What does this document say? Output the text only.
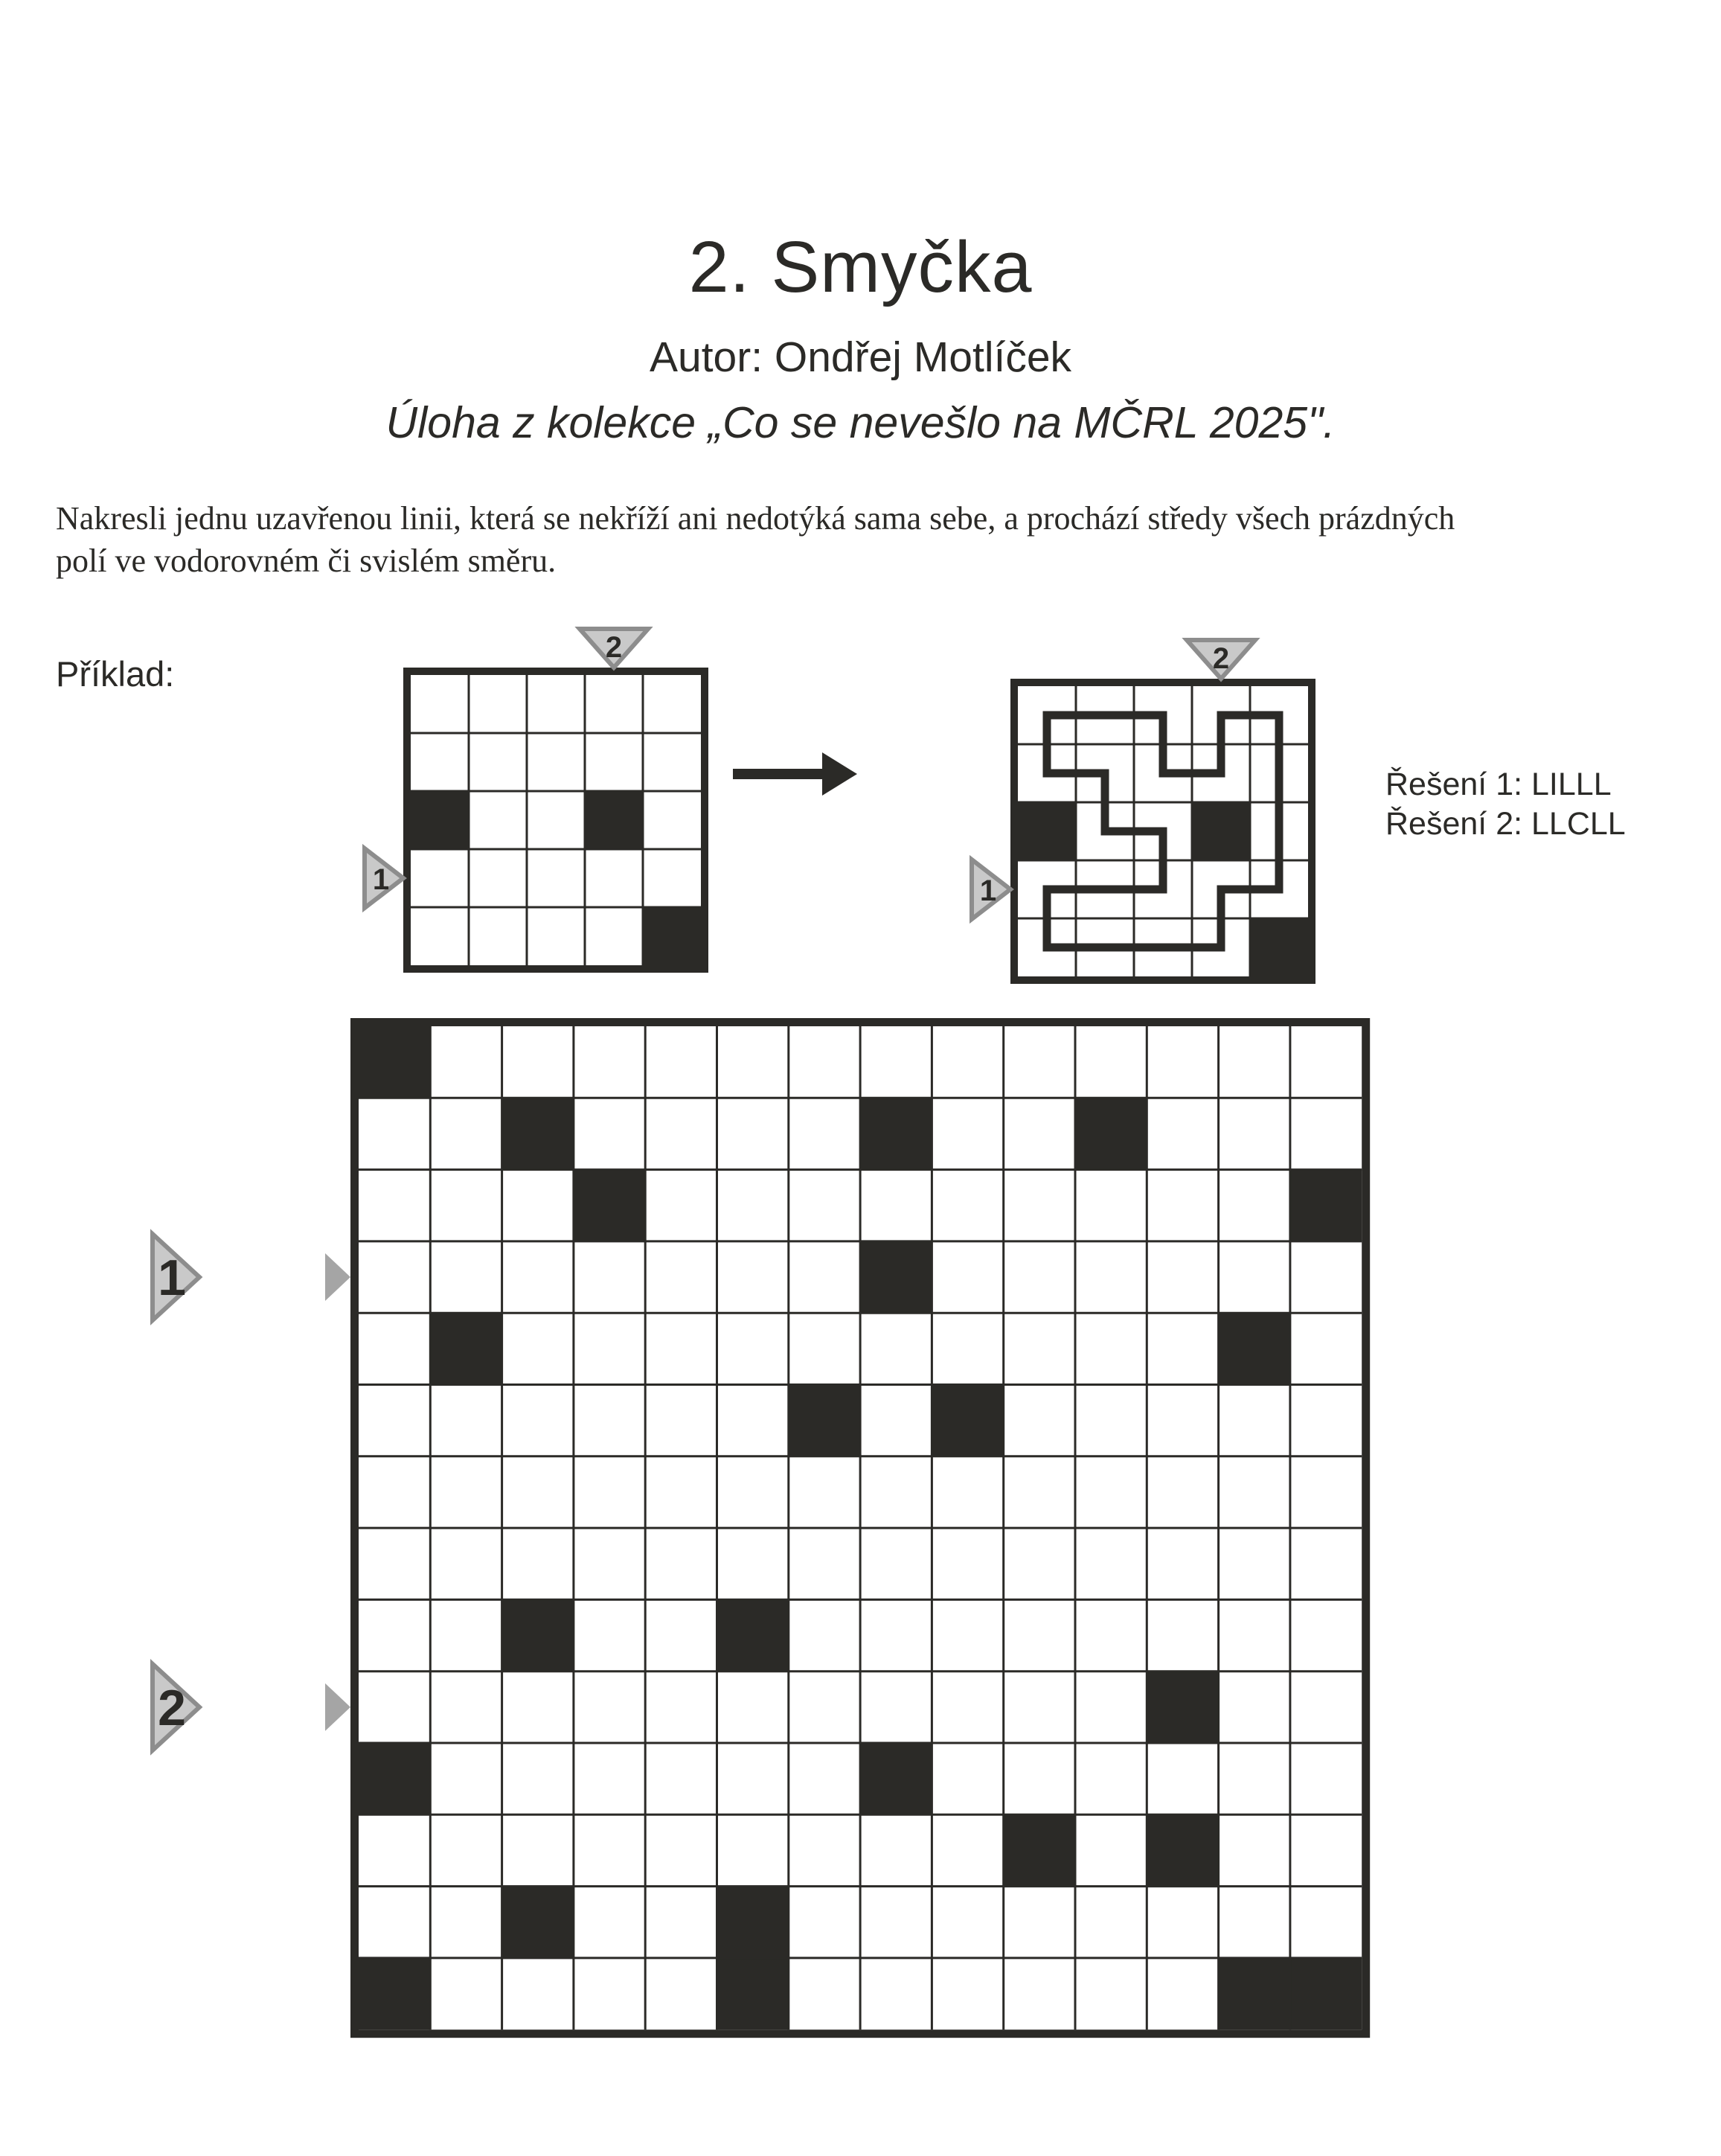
2
1
2
1
1
2
2. Smyčka
Autor: Ondřej Motlíček
Úloha z kolekce „Co se nevešlo na MČRL 2025".
Nakresli jednu uzavřenou linii, která se nekříží ani nedotýká sama sebe, a prochází středy všech prázdných
polí ve vodorovném či svislém směru.
Příklad:
Řešení 1: LILLL
Řešení 2: LLCLL
